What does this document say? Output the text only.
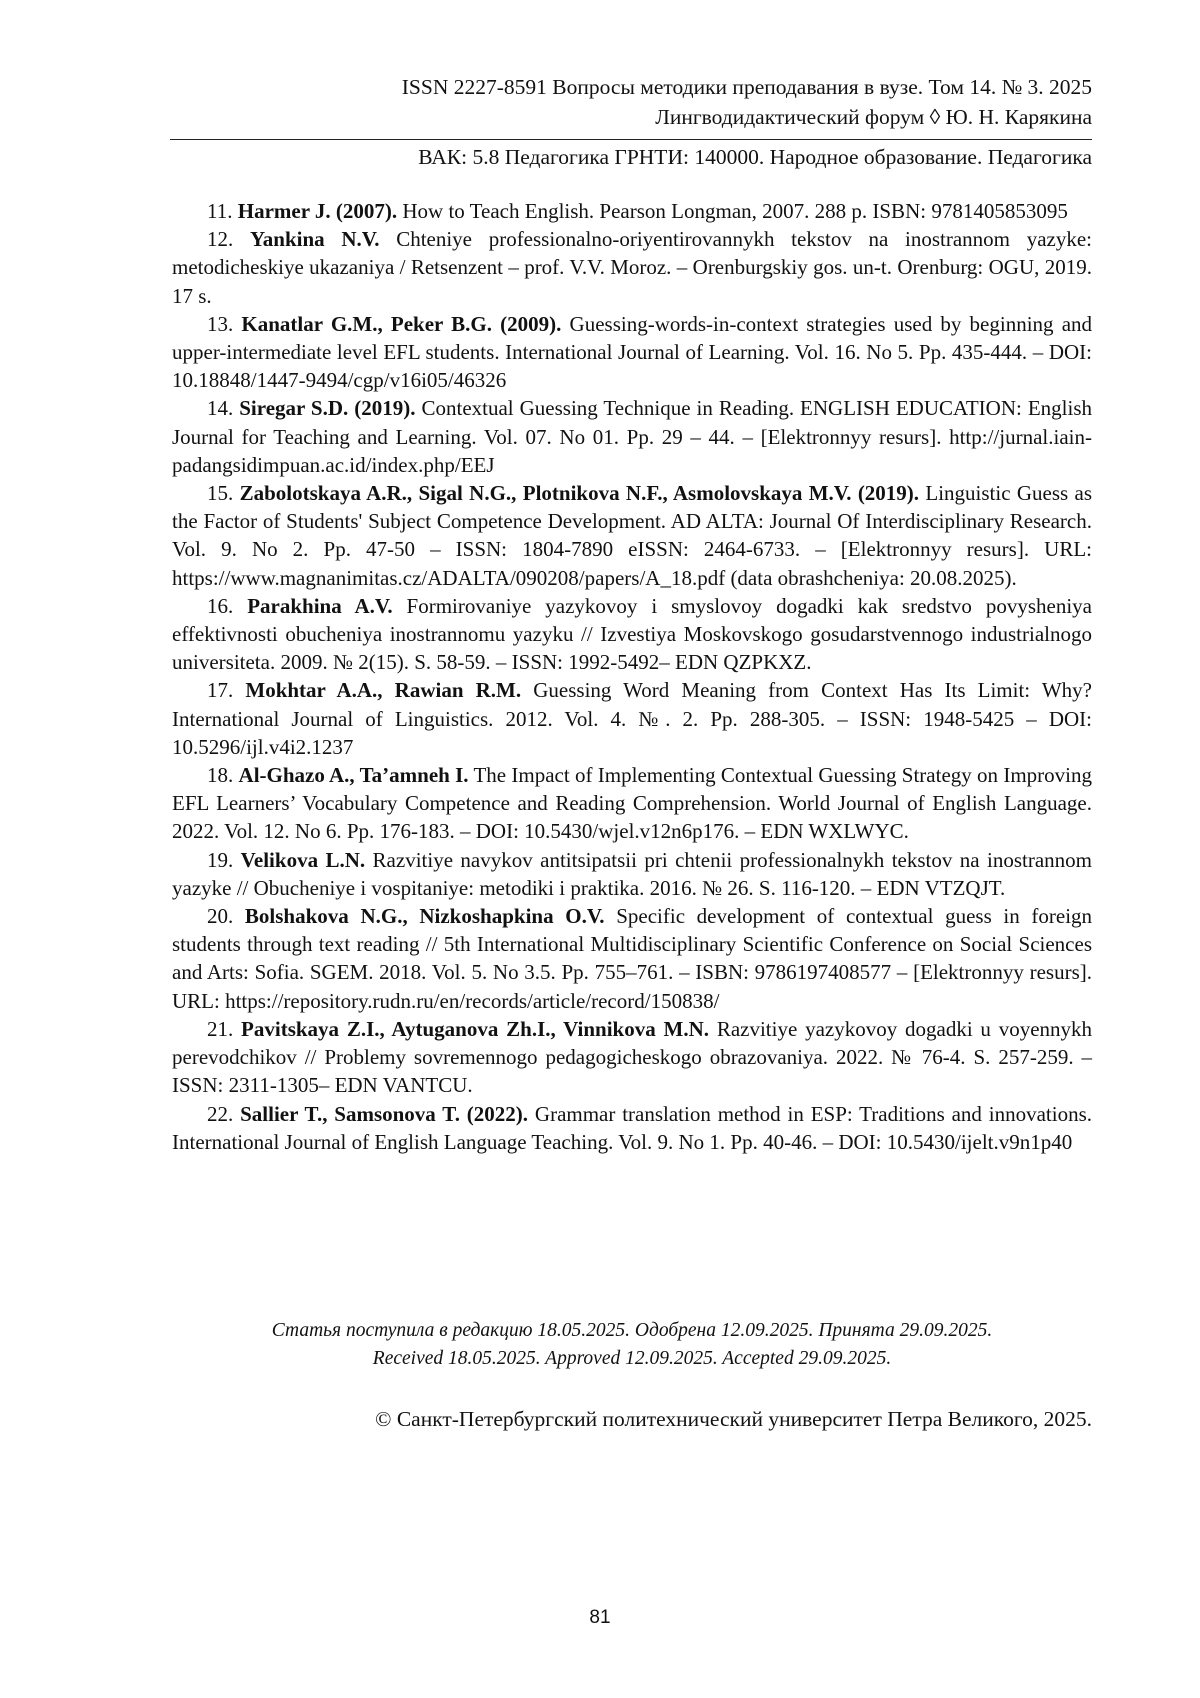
ISSN 2227-8591 Вопросы методики преподавания в вузе. Том 14. № 3. 2025
Лингводидактический форум ◊ Ю. Н. Карякина
ВАК: 5.8 Педагогика ГРНТИ: 140000. Народное образование. Педагогика

11. Harmer J. (2007). How to Teach English. Pearson Longman, 2007. 288 p. ISBN: 9781405853095

12. Yankina N.V. Chteniye professionalno-oriyentirovannykh tekstov na inostrannom yazyke: metodicheskiye ukazaniya / Retsenzent – prof. V.V. Moroz. – Orenburgskiy gos. un-t. Orenburg: OGU, 2019. 17 s.

13. Kanatlar G.M., Peker B.G. (2009). Guessing-words-in-context strategies used by beginning and upper-intermediate level EFL students. International Journal of Learning. Vol. 16. No 5. Pp. 435-444. – DOI: 10.18848/1447-9494/cgp/v16i05/46326

14. Siregar S.D. (2019). Contextual Guessing Technique in Reading. ENGLISH EDUCATION: English Journal for Teaching and Learning. Vol. 07. No 01. Pp. 29 – 44. – [Elektronnyy resurs]. http://jurnal.iain-padangsidimpuan.ac.id/index.php/EEJ

15. Zabolotskaya A.R., Sigal N.G., Plotnikova N.F., Asmolovskaya M.V. (2019). Linguistic Guess as the Factor of Students' Subject Competence Development. AD ALTA: Journal Of Interdisciplinary Research. Vol. 9. No 2. Pp. 47-50 – ISSN: 1804-7890 eISSN: 2464-6733. – [Elektronnyy resurs]. URL: https://www.magnanimitas.cz/ADALTA/090208/papers/A_18.pdf (data obrashcheniya: 20.08.2025).

16. Parakhina A.V. Formirovaniye yazykovoy i smyslovoy dogadki kak sredstvo povysheniya effektivnosti obucheniya inostrannomu yazyku // Izvestiya Moskovskogo gosudarstvennogo industrialnogo universiteta. 2009. № 2(15). S. 58-59. – ISSN: 1992-5492– EDN QZPKXZ.

17. Mokhtar A.A., Rawian R.M. Guessing Word Meaning from Context Has Its Limit: Why? International Journal of Linguistics. 2012. Vol. 4. №. 2. Pp. 288-305. – ISSN: 1948-5425 – DOI: 10.5296/ijl.v4i2.1237

18. Al-Ghazo A., Ta’amneh I. The Impact of Implementing Contextual Guessing Strategy on Improving EFL Learners’ Vocabulary Competence and Reading Comprehension. World Journal of English Language. 2022. Vol. 12. No 6. Pp. 176-183. – DOI: 10.5430/wjel.v12n6p176. – EDN WXLWYC.

19. Velikova L.N. Razvitiye navykov antitsipatsii pri chtenii professionalnykh tekstov na inostrannom yazyke // Obucheniye i vospitaniye: metodiki i praktika. 2016. № 26. S. 116-120. – EDN VTZQJT.

20. Bolshakova N.G., Nizkoshapkina O.V. Specific development of contextual guess in foreign students through text reading // 5th International Multidisciplinary Scientific Conference on Social Sciences and Arts: Sofia. SGEM. 2018. Vol. 5. No 3.5. Pp. 755–761. – ISBN: 9786197408577 – [Elektronnyy resurs]. URL: https://repository.rudn.ru/en/records/article/record/150838/

21. Pavitskaya Z.I., Aytuganova Zh.I., Vinnikova M.N. Razvitiye yazykovoy dogadki u voyennykh perevodchikov // Problemy sovremennogo pedagogicheskogo obrazovaniya. 2022. № 76-4. S. 257-259. –ISSN: 2311-1305– EDN VANTCU.

22. Sallier T., Samsonova T. (2022). Grammar translation method in ESP: Traditions and innovations. International Journal of English Language Teaching. Vol. 9. No 1. Pp. 40-46. – DOI: 10.5430/ijelt.v9n1p40

Статья поступила в редакцию 18.05.2025. Одобрена 12.09.2025. Принята 29.09.2025.
Received 18.05.2025. Approved 12.09.2025. Accepted 29.09.2025.
© Санкт-Петербургский политехнический университет Петра Великого, 2025.
81
